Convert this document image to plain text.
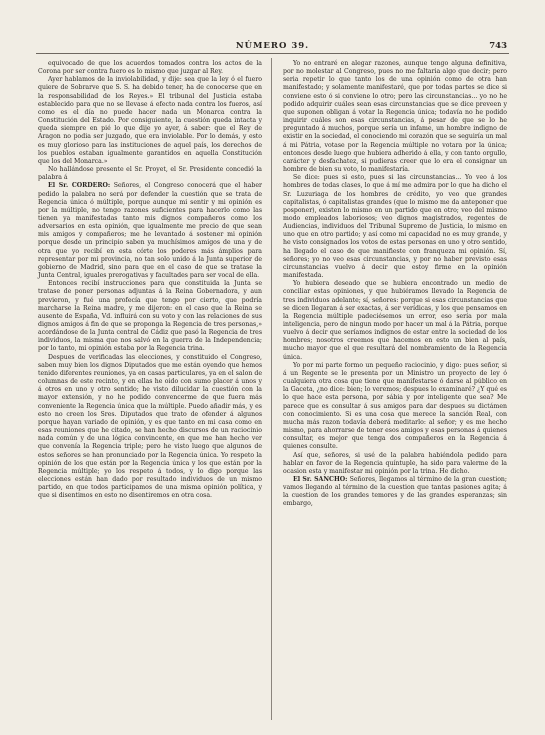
NÚMERO 39.	743

equivocado de que los acuerdos tomados contra los actos de la Corona por ser contra fuero es lo mismo que juzgar al Rey.

Ayer hablamos de la inviolabilidad, y dije: sea que la ley ó el fuero quiere de Sobrarve que S. S. ha debido tener, ha de conocerse que en la responsabilidad de los Reyes.» El tribunal del Justicia estaba establecido para que no se llevase á efecto nada contra los fueros, así como es el día no puede hacer nada un Monarca contra la Constitución del Estado. Por consiguiente, la cuestión queda intacta y queda siempre en pié lo que dije yo ayer, á saber: que el Rey de Aragon no podia ser juzgado, que era inviolable. Por lo demás, y esto es muy glorioso para las instituciones de aquel país, los derechos de los pueblos estaban igualmente garantidos en aquella Constitución que los del Monarca.»

No hallándose presente el Sr. Proyet, el Sr. Presidente concedió la palabra á

El Sr. CORDERO: Señores, el Congreso conocerá que el haber pedido la palabra no será por defender la cuestión que se trata de Regencia única ó múltiple, porque aunque mi sentir y mi opinión es por la múltiple, no tengo razones suficientes para hacerlo como las tienen ya manifestadas tanto mis dignos compañeros como los adversarios en esta opinión, que igualmente me precio de que sean mis amigos y compañeros; me he levantado á sostener mi opinión porque desde un principio saben ya muchísimos amigos de una y de otra que yo recibí en esta córte los poderes más ámplios para representar por mi provincia, no tan solo unido á la Junta superior de gobierno de Madrid, sino para que en el caso de que se tratase la Junta Central, iguales prerogativas y facultades para ser vocal de ella.

Entonces recibí instrucciones para que constituida la Junta se tratase de poner personas adjuntas á la Reina Gobernadora, y aun previeron, y fué una profecía que tengo por cierto, que podría marcharse la Reina madre, y me dijeron: en el caso que la Reina se ausente de España, Vd. influirá con su voto y con las relaciones de sus dignos amigos á fin de que se proponga la Regencia de tres personas,» acordándose de la Junta central de Cádiz que pasó la Regencia de tres individuos, la misma que nos salvó en la guerra de la Independencia; por lo tanto, mi opinión estaba por la Regencia trina.

Despues de verificadas las elecciones, y constituido el Congreso, saben muy bien los dignos Diputados que me están oyendo que hemos tenido diferentes reuniones, ya en casas particulares, ya en el salon de columnas de este recinto, y en ellas he oido con sumo placer á unos y á otros en uno y otro sentido; he visto dilucidar la cuestión con la mayor extensión, y no he podido convencerme de que fuera más conveniente la Regencia única que la múltiple. Puedo añadir más, y es esto no creen los Sres. Diputados que trato de ofender á algunos porque hayan variado de opinión, y es que tanto en mi casa como en esas reuniones que he citado, se han hecho discursos de un raciocinio nada común y de una lógica convincente, en que me han hecho ver que convenía la Regencia triple; pero he visto luego que algunos de estos señores se han pronunciado por la Regencia única. Yo respeto la opinión de los que están por la Regencia única y los que están por la Regencia múltiple; yo los respeto á todos, y lo digo porque las elecciones están han dado por resultado individuos de un mismo partido, en que todos participamos de una misma opinión política, y que si disentimos en esto no disentiremos en otra cosa.

Yo no entraré en alegar razones, aunque tengo alguna definitiva, por no molestar al Congreso, pues no me faltaria algo que decir; pero seria repetir lo que tanto los de una opinión como de otra han manifestado; y solamente manifestaré, que por todas partes se dice si conviene esto ó si conviene lo otro; pero las circunstancias... yo no he podido adquirir cuáles sean esas circunstancias que se dice preveen y que suponen obligan á votar la Regencia única; todavía no he podido inquirir cuáles son esas circunstancias, á pesar de que se lo he preguntado á muchos, porque sería un infame, un hombre indigno de existir en la sociedad, el conociendo mi corazón que se seguiría un mal á mi Pátria, votase por la Regencia múltiple no votara por la única; entonces desde luego que hubiera adherido á ella, y con tanto orgullo, carácter y desfachatez, si pudieras creer que lo era el consignar un hombre de bien su voto, lo manifestaría.

Se dice: pues si esto, pues si las circunstancias... Yo veo á los hombres de todas clases, lo que á mí me admira por lo que ha dicho el Sr. Luzuriaga de los hombres de crédito, yo veo que grandes capitalistas, ó capitalistas grandes (que lo mismo me da anteponer que posponer), existen lo mismo en un partido que en otro; veo del mismo modo empleados laboriosos; veo dignos magistrados, regentes de Audiencias, individuos del Tribunal Supremo de Justicia, lo mismo en uno que en otro partido; y así como mi capacidad no es muy grande, y he visto consignados los votos de estas personas en uno y otro sentido, ha llegado el caso de que manifieste con franqueza mi opinión. Sí, señores; yo no veo esas circunstancias, y por no haber previsto esas circunstancias vuelvo á decir que estoy firme en la opinión manifestada.

Yo hubiera deseado que se hubiera encontrado un medio de conciliar estas opiniones, y que hubiéramos llevado la Regencia de tres individuos adelante; sí, señores: porque si esas circunstancias que se dicen llegaran á ser exactas, á ser verídicas, y los que pensamos en la Regencia múltiple padeciésemos un error, eso sería por mala inteligencia, pero de ningun modo por hacer un mal á la Pátria, porque vuelvo á decir que seríamos indignos de estar entre la sociedad de los hombres; nosotros creemos que hacemos en esto un bien al país, mucho mayor que el que resultará del nombramiento de la Regencia única.

Yo por mi parte formo un pequeño raciocinio, y digo: pues señor, si á un Regente se le presenta por un Ministro un proyecto de ley ó cualquiera otra cosa que tiene que manifestarse ó darse al público en la Gaceta, ¿no dice: bien; lo veremos; despues lo examinaré? ¿Y qué es lo que hace esta persona, por sábia y por inteligente que sea? Me parece que es consultar á sus amigos para dar despues su dictámen con conocimiento. Si es una cosa que merece la sanción Real, con mucha más razon todavía deberá meditarlo: al señor; y es me hecho mismo, para ahorrarse de tener esos amigos y esas personas á quienes consultar, es mejor que tenga dos compañeros en la Regencia á quienes consulte.

Así que, señores, si usé de la palabra habiéndola pedido para hablar en favor de la Regencia quíntuple, ha sido para valerme de la ocasion esta y manifestar mi opinión por la trina. He dicho.

El Sr. SANCHO: Señores, llegamos al término de la gran cuestion; vamos llegando al término de la cuestion que tantas pasiones agita; á la cuestion de los grandes temores y de las grandes esperanzas; sin embargo,
